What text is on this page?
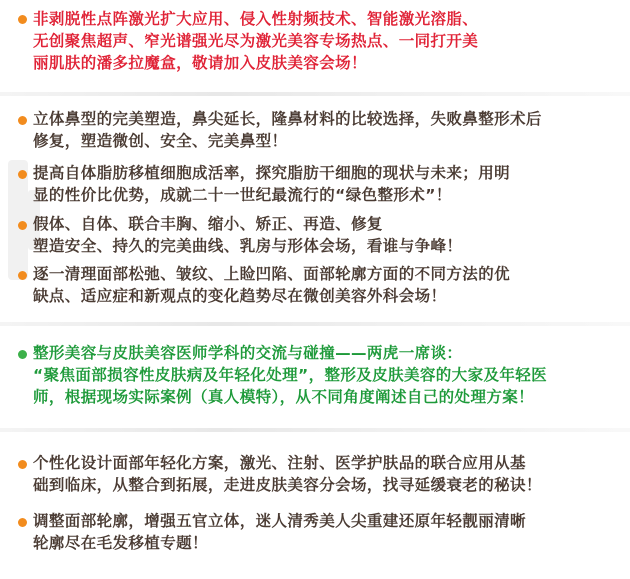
非剥脱性点阵激光扩大应用、侵入性射频技术、智能激光溶脂、
无创聚焦超声、窄光谱强光尽为激光美容专场热点、一同打开美
丽肌肤的潘多拉魔盒，敬请加入皮肤美容会场！
立体鼻型的完美塑造，鼻尖延长，隆鼻材料的比较选择，失败鼻整形术后
修复，塑造微创、安全、完美鼻型！
提高自体脂肪移植细胞成活率，探究脂肪干细胞的现状与未来；用明
显的性价比优势，成就二十一世纪最流行的“绿色整形术”！
假体、自体、联合丰胸、缩小、矫正、再造、修复
塑造安全、持久的完美曲线、乳房与形体会场，看谁与争峰！
逐一清理面部松弛、皱纹、上睑凹陷、面部轮廓方面的不同方法的优
缺点、适应症和新观点的变化趋势尽在微创美容外科会场！
整形美容与皮肤美容医师学科的交流与碰撞——两虎一席谈：
“聚焦面部损容性皮肤病及年轻化处理”，整形及皮肤美容的大家及年轻医
师，根据现场实际案例（真人模特），从不同角度阐述自己的处理方案！
个性化设计面部年轻化方案，激光、注射、医学护肤品的联合应用从基
础到临床，从整合到拓展，走进皮肤美容分会场，找寻延缓衰老的秘诀！
调整面部轮廓，增强五官立体，迷人清秀美人尖重建还原年轻靓丽清晰
轮廓尽在毛发移植专题！
